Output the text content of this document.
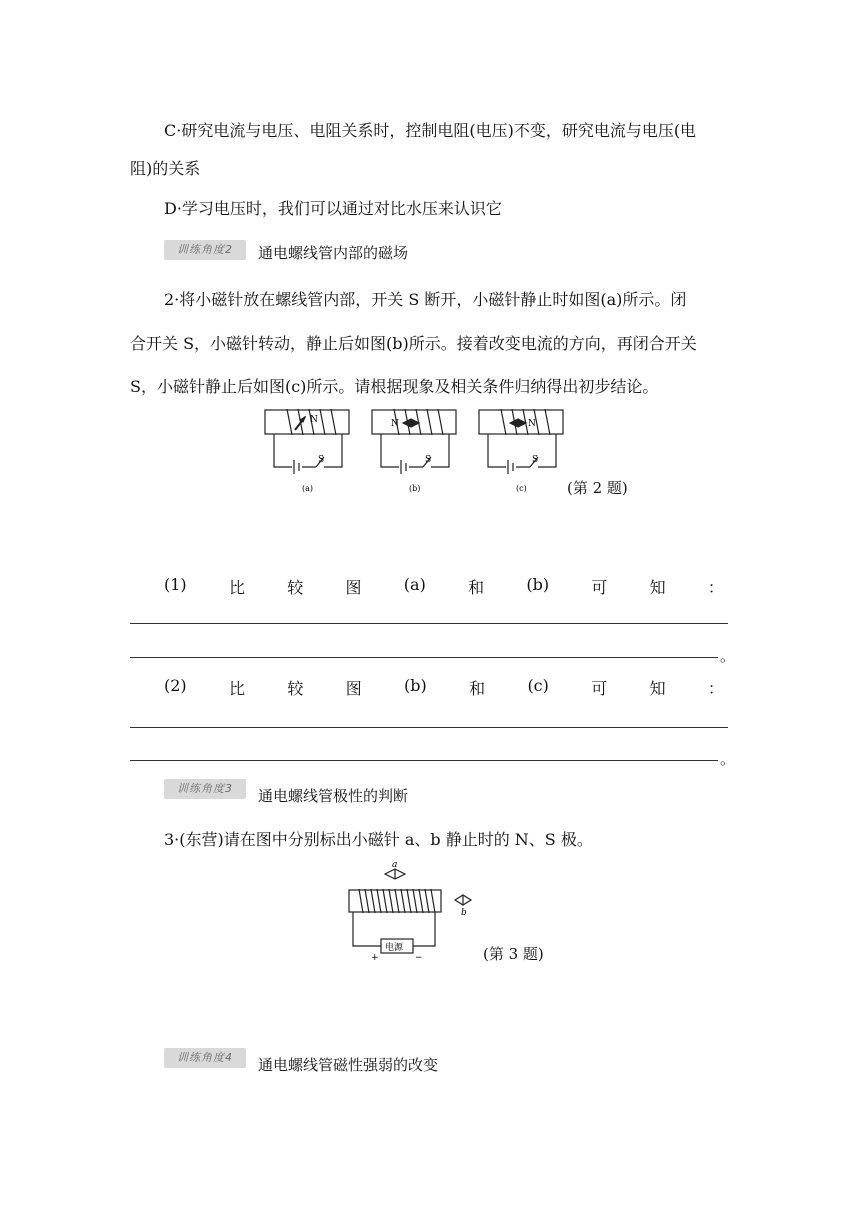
C·研究电流与电压、电阻关系时，控制电阻(电压)不变，研究电流与电压(电
阻)的关系
D·学习电压时，我们可以通过对比水压来认识它
训练角度2	通电螺线管内部的磁场
2·将小磁针放在螺线管内部，开关 S 断开，小磁针静止时如图(a)所示。闭
合开关 S，小磁针转动，静止后如图(b)所示。接着改变电流的方向，再闭合开关
S，小磁针静止后如图(c)所示。请根据现象及相关条件归纳得出初步结论。
N
S
(a)
N
S
(b)
N
S
(c)	(第 2 题)
(1)	比	较	图	(a)	和	(b)	可	知	：
。
(2)	比	较	图	(b)	和	(c)	可	知	：
。
训练角度3	通电螺线管极性的判断
3·(东营)请在图中分别标出小磁针 a、b 静止时的 N、S 极。
a
b
电源
+	−	(第 3 题)
训练角度4	通电螺线管磁性强弱的改变
